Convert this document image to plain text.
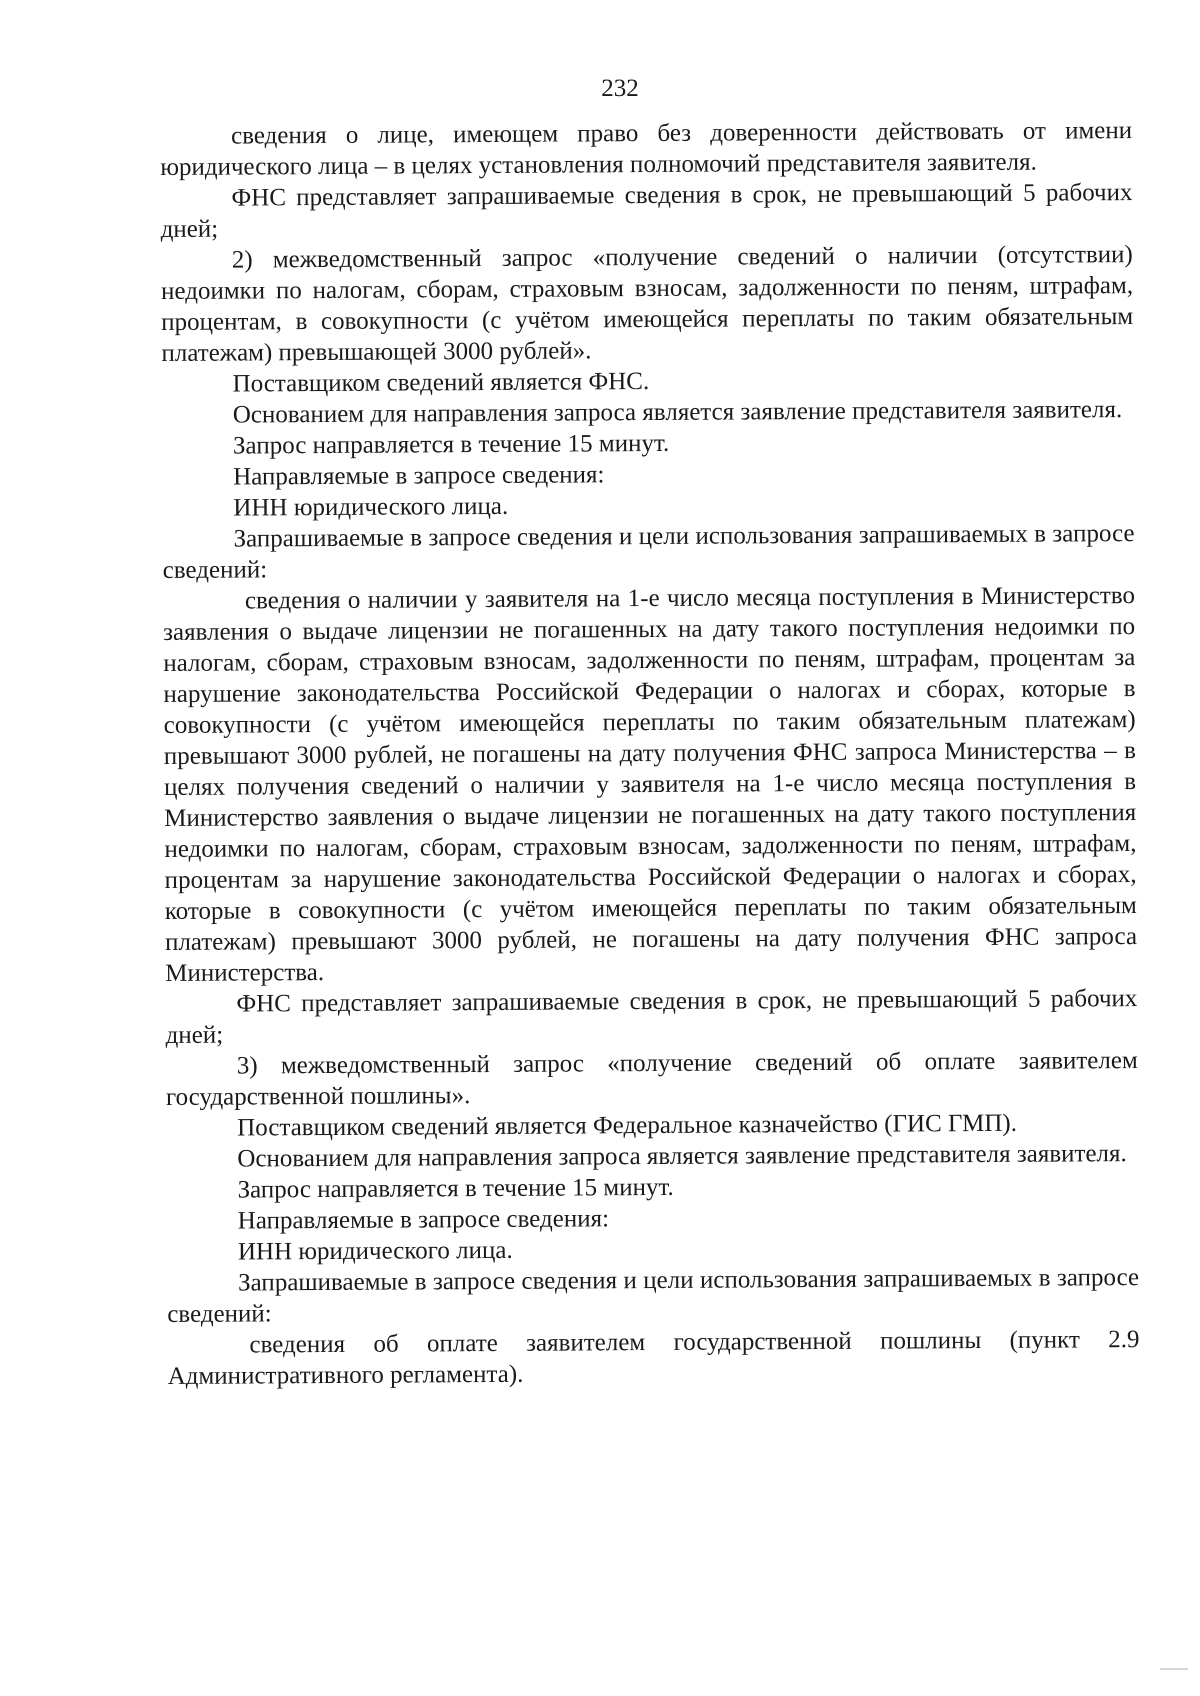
232

сведения о лице, имеющем право без доверенности действовать от имени юридического лица – в целях установления полномочий представителя заявителя.

ФНС представляет запрашиваемые сведения в срок, не превышающий 5 рабочих дней;

2) межведомственный запрос «получение сведений о наличии (отсутствии) недоимки по налогам, сборам, страховым взносам, задолженности по пеням, штрафам, процентам, в совокупности (с учётом имеющейся переплаты по таким обязательным платежам) превышающей 3000 рублей».

Поставщиком сведений является ФНС.

Основанием для направления запроса является заявление представителя заявителя.

Запрос направляется в течение 15 минут.

Направляемые в запросе сведения:

ИНН юридического лица.

Запрашиваемые в запросе сведения и цели использования запрашиваемых в запросе сведений:

сведения о наличии у заявителя на 1-е число месяца поступления в Министерство заявления о выдаче лицензии не погашенных на дату такого поступления недоимки по налогам, сборам, страховым взносам, задолженности по пеням, штрафам, процентам за нарушение законодательства Российской Федерации о налогах и сборах, которые в совокупности (с учётом имеющейся переплаты по таким обязательным платежам) превышают 3000 рублей, не погашены на дату получения ФНС запроса Министерства – в целях получения сведений о наличии у заявителя на 1-е число месяца поступления в Министерство заявления о выдаче лицензии не погашенных на дату такого поступления недоимки по налогам, сборам, страховым взносам, задолженности по пеням, штрафам, процентам за нарушение законодательства Российской Федерации о налогах и сборах, которые в совокупности (с учётом имеющейся переплаты по таким обязательным платежам) превышают 3000 рублей, не погашены на дату получения ФНС запроса Министерства.

ФНС представляет запрашиваемые сведения в срок, не превышающий 5 рабочих дней;

3) межведомственный запрос «получение сведений об оплате заявителем государственной пошлины».

Поставщиком сведений является Федеральное казначейство (ГИС ГМП).

Основанием для направления запроса является заявление представителя заявителя.

Запрос направляется в течение 15 минут.

Направляемые в запросе сведения:

ИНН юридического лица.

Запрашиваемые в запросе сведения и цели использования запрашиваемых в запросе сведений:

сведения об оплате заявителем государственной пошлины (пункт 2.9 Административного регламента).
